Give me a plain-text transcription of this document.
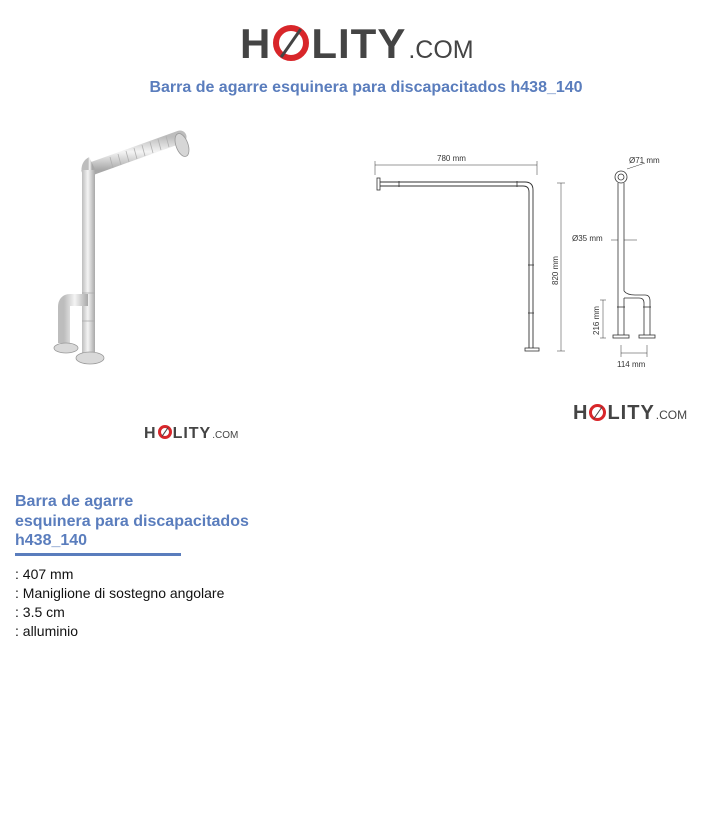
H LITY .COM
Barra de agarre esquinera para discapacitados h438_140
H LITY .COM
780 mm
820 mm
Ø71 mm
Ø35 mm
216 mm
114 mm
H LITY .COM
Barra de agarre
esquinera para discapacitados
h438_140
: 407 mm
: Maniglione di sostegno angolare
: 3.5 cm
: alluminio
